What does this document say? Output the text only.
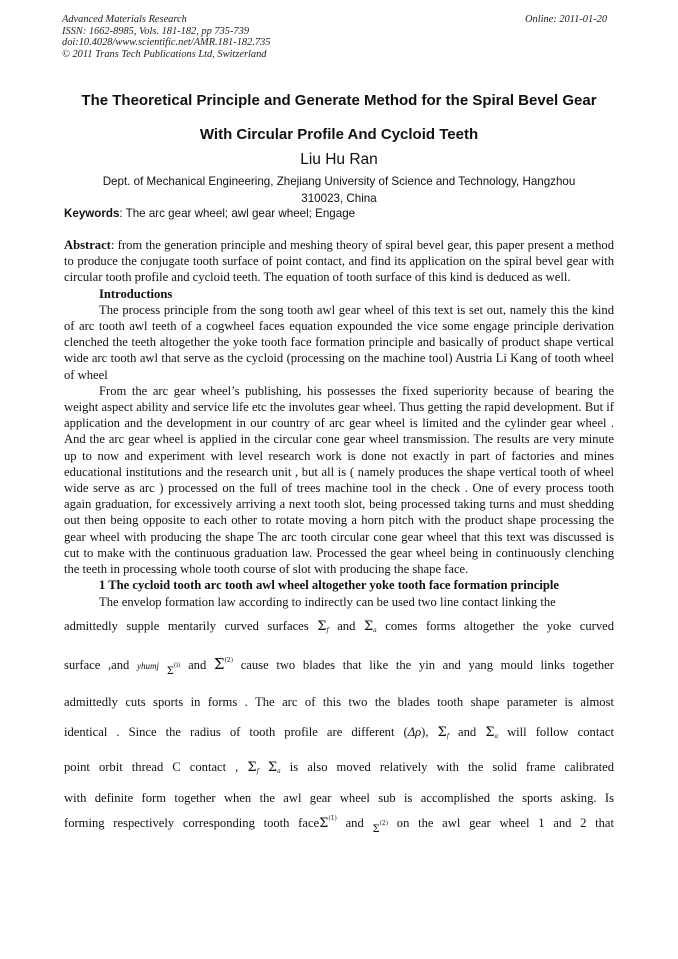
Advanced Materials Research
ISSN: 1662-8985, Vols. 181-182, pp 735-739
doi:10.4028/www.scientific.net/AMR.181-182.735
© 2011 Trans Tech Publications Ltd, Switzerland
Online: 2011-01-20
The Theoretical Principle and Generate Method for the Spiral Bevel Gear
With Circular Profile And Cycloid Teeth
Liu Hu Ran
Dept. of Mechanical Engineering, Zhejiang University of Science and Technology, Hangzhou
310023, China
Keywords: The arc gear wheel; awl gear wheel; Engage

Abstract: from the generation principle and meshing theory of spiral bevel gear, this paper present a method to produce the conjugate tooth surface of point contact, and find its application on the spiral bevel gear with circular tooth profile and cycloid teeth. The equation of tooth surface of this kind is deduced as well.

Introductions

The process principle from the song tooth awl gear wheel of this text is set out, namely this the kind of arc tooth awl teeth of a cogwheel faces equation expounded the vice some engage principle derivation clenched the teeth altogether the yoke tooth face formation principle and basically of product shape vertical wide arc tooth awl that serve as the cycloid (processing on the machine tool) Austria Li Kang of tooth wheel of wheel

From the arc gear wheel’s publishing, his possesses the fixed superiority because of bearing the weight aspect ability and service life etc the involutes gear wheel. Thus getting the rapid development. But if application and the development in our country of arc gear wheel is limited and the cylinder gear wheel . And the arc gear wheel is applied in the circular cone gear wheel transmission. The results are very minute up to now and experiment with level research work is done not exactly in part of factories and mines educational institutions and the research unit , but all is ( namely produces the shape vertical tooth of wheel wide serve as arc ) processed on the full of trees machine tool in the check . One of every process tooth again graduation, for excessively arriving a next tooth slot, being processed taking turns and must shedding out then being opposite to each other to rotate moving a horn pitch with the product shape processing the gear wheel with producing the shape The arc tooth circular cone gear wheel that this text was discussed is cut to make with the continuous graduation law. Processed the gear wheel being in continuously clenching the teeth in processing whole tooth course of slot with producing the shape face.

1 The cycloid tooth arc tooth awl wheel altogether yoke tooth face formation principle
The envelop formation law according to indirectly can be used two line contact linking the
admittedly supple mentarily curved surfaces $\Sigma_f$ and $\Sigma_a$ comes forms altogether the yoke curved
surface ,and yhumj $_{\Sigma^{(i)}}$ and $\Sigma^{(2)}$ cause two blades that like the yin and yang mould links together
admittedly cuts sports in forms . The arc of this two the blades tooth shape parameter is almost
identical . Since the radius of tooth profile are different (Δρ), $\Sigma_f$ and $\Sigma_a$ will follow contact
point orbit thread C contact , $\Sigma_f$ $\Sigma_a$ is also moved relatively with the solid frame calibrated
with definite form together when the awl gear wheel sub is accomplished the sports asking. Is
forming respectively corresponding tooth faceΣ$^{(1)}$ and $_{\Sigma^{(2)}}$ on the awl gear wheel 1 and 2 that
